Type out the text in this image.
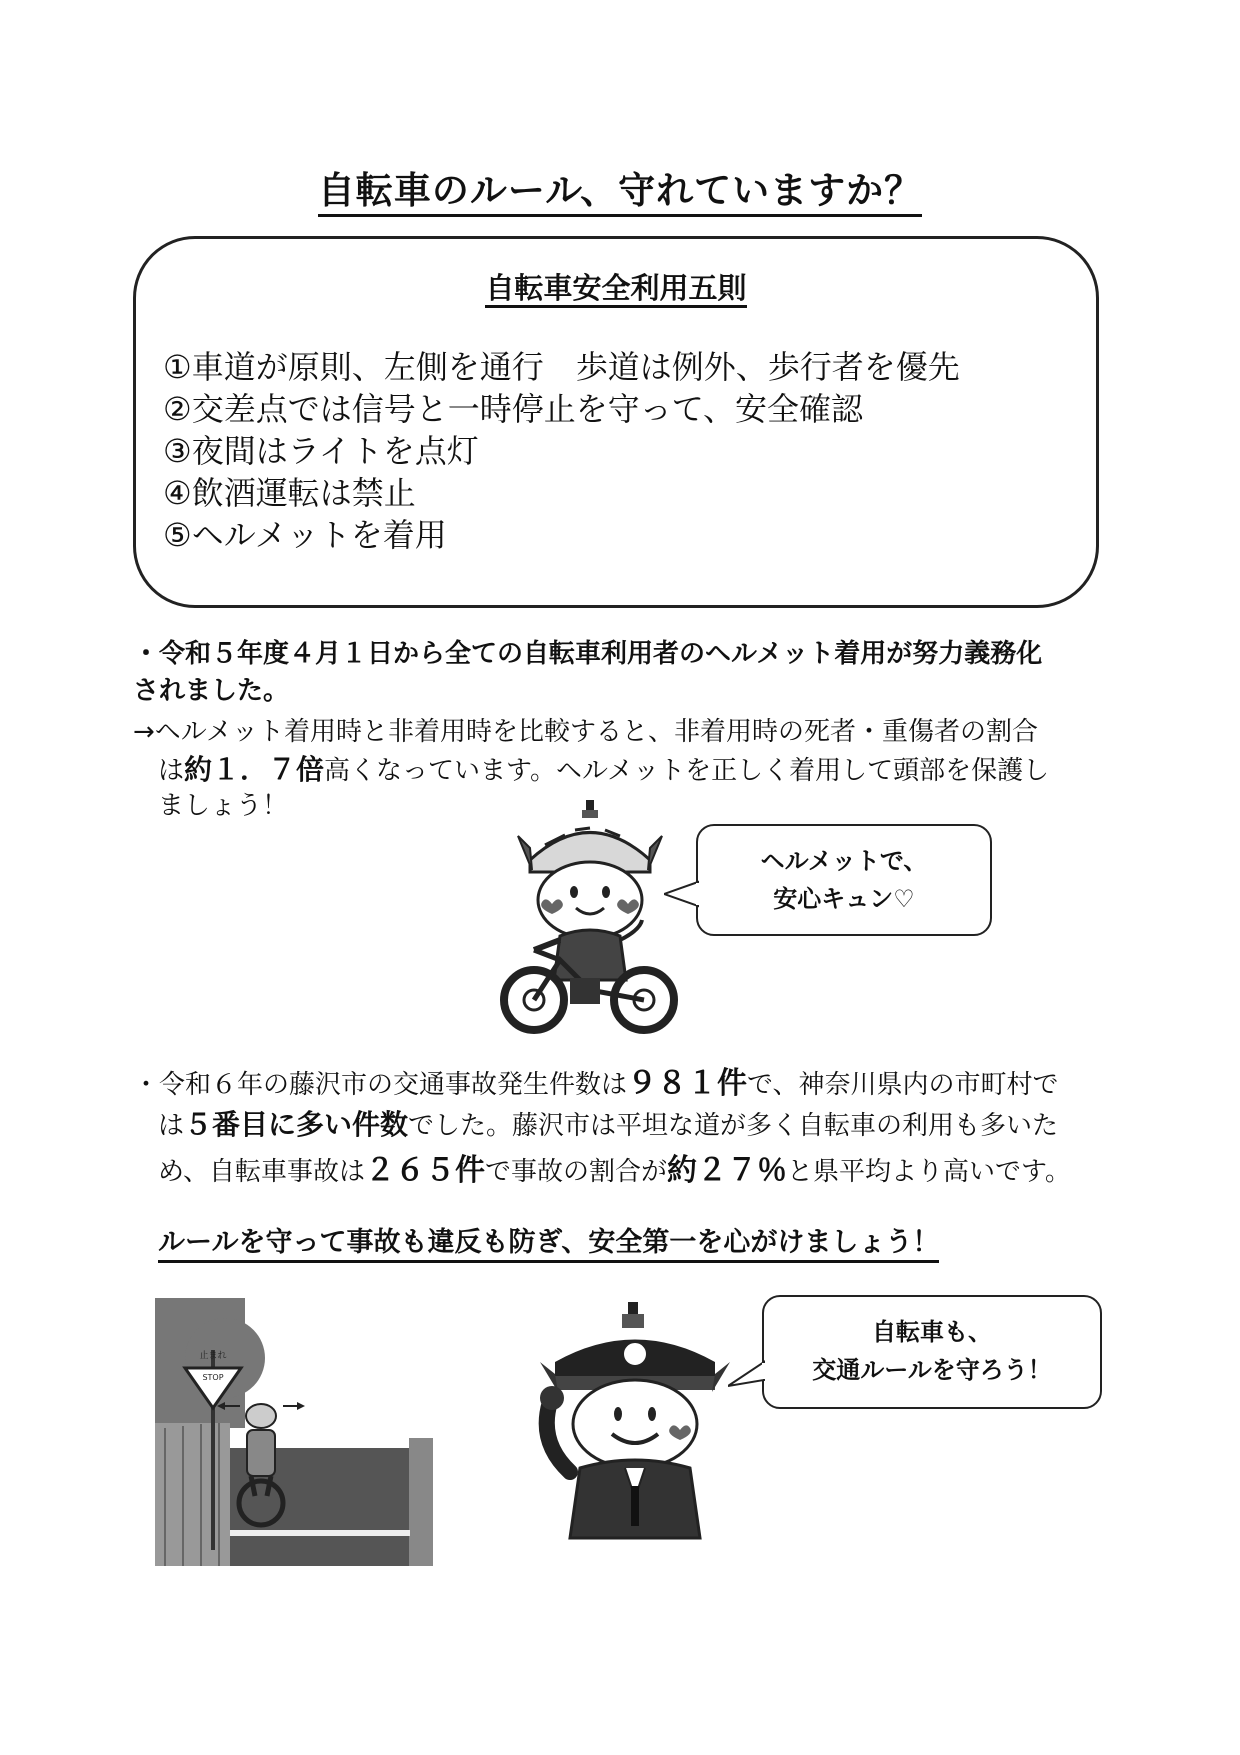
自転車のルール、守れていますか？
自転車安全利用五則
①車道が原則、左側を通行　歩道は例外、歩行者を優先
②交差点では信号と一時停止を守って、安全確認
③夜間はライトを点灯
④飲酒運転は禁止
⑤ヘルメットを着用
・令和５年度４月１日から全ての自転車利用者のヘルメット着用が努力義務化
されました。
→ヘルメット着用時と非着用時を比較すると、非着用時の死者・重傷者の割合
は約１．７倍高くなっています。ヘルメットを正しく着用して頭部を保護し
ましょう！
ヘルメットで、
安心キュン♡
・令和６年の藤沢市の交通事故発生件数は９８１件で、神奈川県内の市町村で
は５番目に多い件数でした。藤沢市は平坦な道が多く自転車の利用も多いた
め、自転車事故は２６５件で事故の割合が約２７％と県平均より高いです。
ルールを守って事故も違反も防ぎ、安全第一を心がけましょう！
止まれ
STOP
自転車も、
交通ルールを守ろう！
